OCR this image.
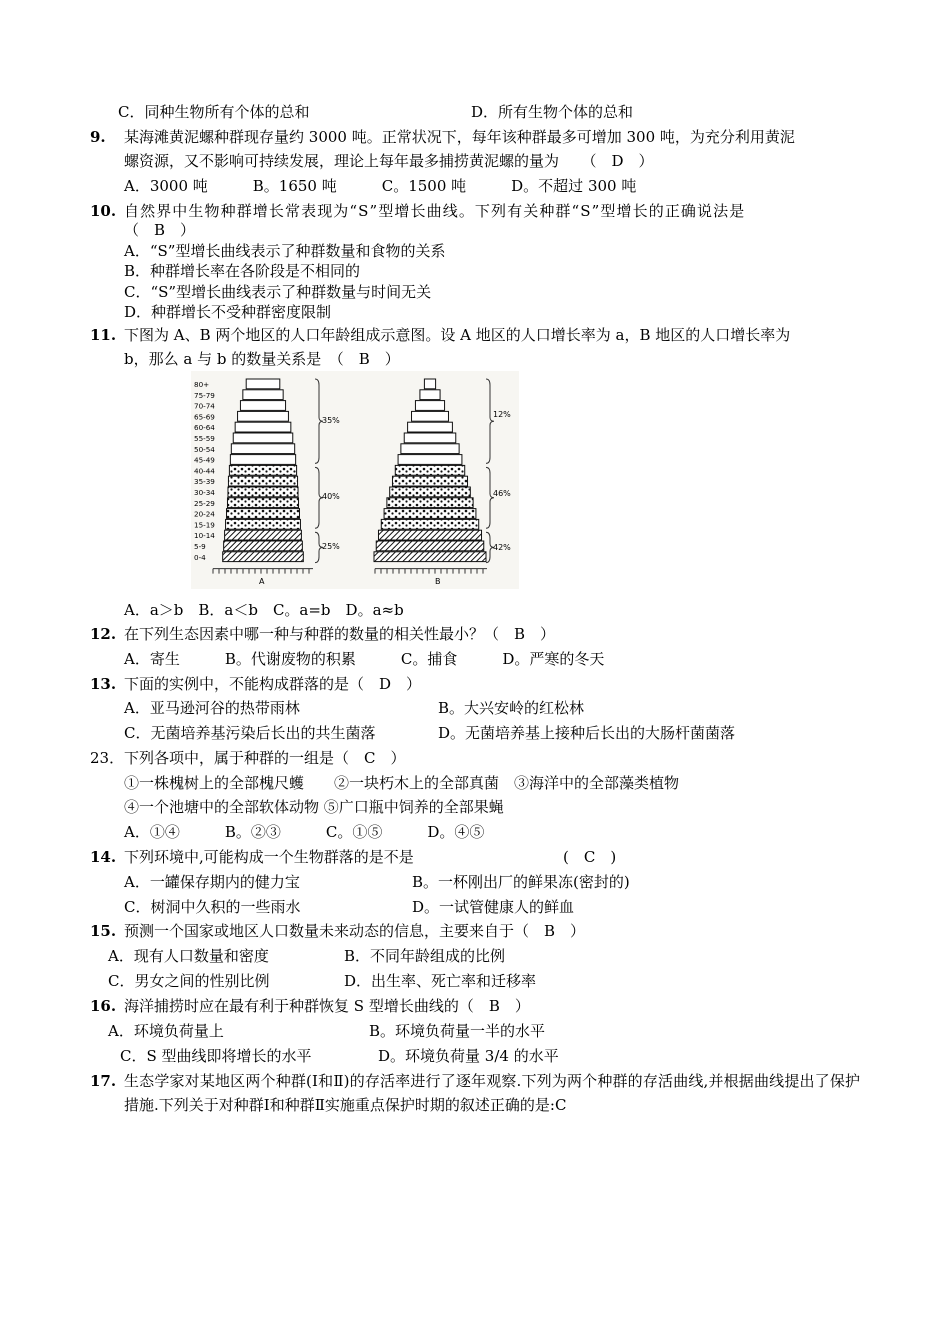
C．同种生物所有个体的总和	D．所有生物个体的总和
9. 某海滩黄泥螺种群现存量约 3000 吨。正常状况下，每年该种群最多可增加 300 吨，为充分利用黄泥
螺资源，又不影响可持续发展，理论上每年最多捕捞黄泥螺的量为　　（　D　）
A．3000 吨　　　B。1650 吨　　　C。1500 吨　　　D。不超过 300 吨
10. 自然界中生物种群增长常表现为“S”型增长曲线。下列有关种群“S”型增长的正确说法是
（　B　）
A．“S”型增长曲线表示了种群数量和食物的关系
B．种群增长率在各阶段是不相同的
C．“S”型增长曲线表示了种群数量与时间无关
D．种群增长不受种群密度限制
11. 下图为 A、B 两个地区的人口年龄组成示意图。设 A 地区的人口增长率为 a，B 地区的人口增长率为
b，那么 a 与 b 的数量关系是　（　B　）
80+
75-79
70-74
65-69
60-64
55-59
50-54
45-49
40-44
35-39
30-34
25-29
20-24
15-19
10-14
5-9
0-4
A	B
35%
40%
25%
12%
46%
42%
A．a＞b　B．a＜b　C。a=b　D。a≈b
12. 在下列生态因素中哪一种与种群的数量的相关性最小？（　B　）
A．寄生　　　B。代谢废物的积累　　　C。捕食　　　D。严寒的冬天
13. 下面的实例中，不能构成群落的是（　D　）
A．亚马逊河谷的热带雨林	B。大兴安岭的红松林
C．无菌培养基污染后长出的共生菌落	D。无菌培养基上接种后长出的大肠杆菌菌落
23． 下列各项中，属于种群的一组是（　C　）
①一株槐树上的全部槐尺蠖　　②一块朽木上的全部真菌　③海洋中的全部藻类植物
④一个池塘中的全部软体动物 ⑤广口瓶中饲养的全部果蝇
A．①④　　　B。②③　　　C。①⑤　　　D。④⑤
14. 下列环境中,可能构成一个生物群落的是不是	(　C　)
A．一罐保存期内的健力宝	B。一杯刚出厂的鲜果冻(密封的)
C．树洞中久积的一些雨水	D。一试管健康人的鲜血
15. 预测一个国家或地区人口数量未来动态的信息，主要来自于（　B　）
A．现有人口数量和密度	B．不同年龄组成的比例
C．男女之间的性别比例	D．出生率、死亡率和迁移率
16. 海洋捕捞时应在最有利于种群恢复 S 型增长曲线的（　B　）
A．环境负荷量上	B。环境负荷量一半的水平
C．S 型曲线即将增长的水平	D。环境负荷量 3/4 的水平
17. 生态学家对某地区两个种群(Ⅰ和Ⅱ)的存活率进行了逐年观察.下列为两个种群的存活曲线,并根据曲线提出了保护措施.下列关于对种群Ⅰ和种群Ⅱ实施重点保护时期的叙述正确的是:C
